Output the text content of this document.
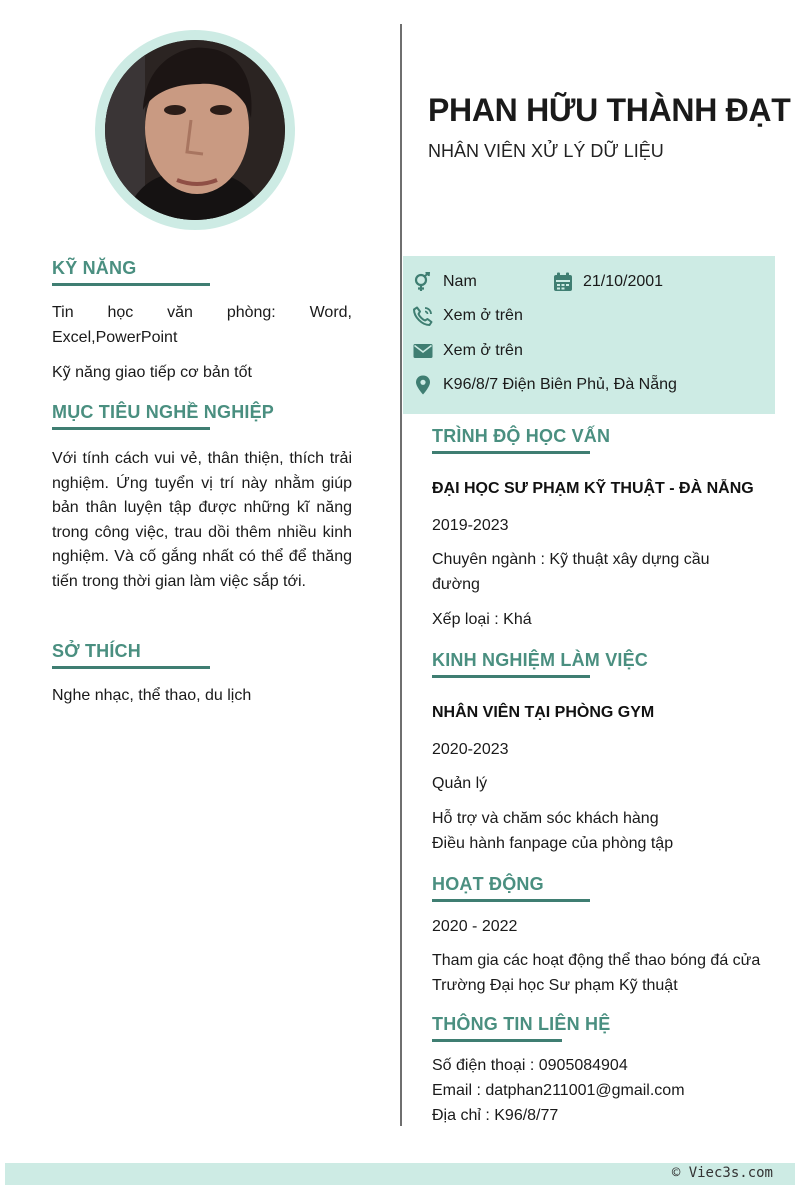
KỸ NĂNG
Tin học văn phòng: Word, Excel,PowerPoint
Kỹ năng giao tiếp cơ bản tốt
MỤC TIÊU NGHỀ NGHIỆP
Với tính cách vui vẻ, thân thiện, thích trải nghiệm. Ứng tuyển vị trí này nhằm giúp bản thân luyện tập được những kĩ năng trong công việc, trau dồi thêm nhiều kinh nghiệm. Và cố gắng nhất có thể để thăng tiến trong thời gian làm việc sắp tới.
SỞ THÍCH
Nghe nhạc, thể thao, du lịch
PHAN HỮU THÀNH ĐẠT
NHÂN VIÊN XỬ LÝ DỮ LIỆU
Nam	21/10/2001
Xem ở trên
Xem ở trên
K96/8/7 Điện Biên Phủ, Đà Nẵng
TRÌNH ĐỘ HỌC VẤN
ĐẠI HỌC SƯ PHẠM KỸ THUẬT - ĐÀ NẴNG
2019-2023
Chuyên ngành : Kỹ thuật xây dựng cầu đường
Xếp loại : Khá
KINH NGHIỆM LÀM VIỆC
NHÂN VIÊN TẠI PHÒNG GYM
2020-2023
Quản lý
Hỗ trợ và chăm sóc khách hàng
Điều hành fanpage của phòng tập
HOẠT ĐỘNG
2020 - 2022
Tham gia các hoạt động thể thao bóng đá cửa Trường Đại học Sư phạm Kỹ thuật
THÔNG TIN LIÊN HỆ
Số điện thoại : 0905084904
Email : datphan211001@gmail.com
Địa chỉ : K96/8/77
© Viec3s.com
